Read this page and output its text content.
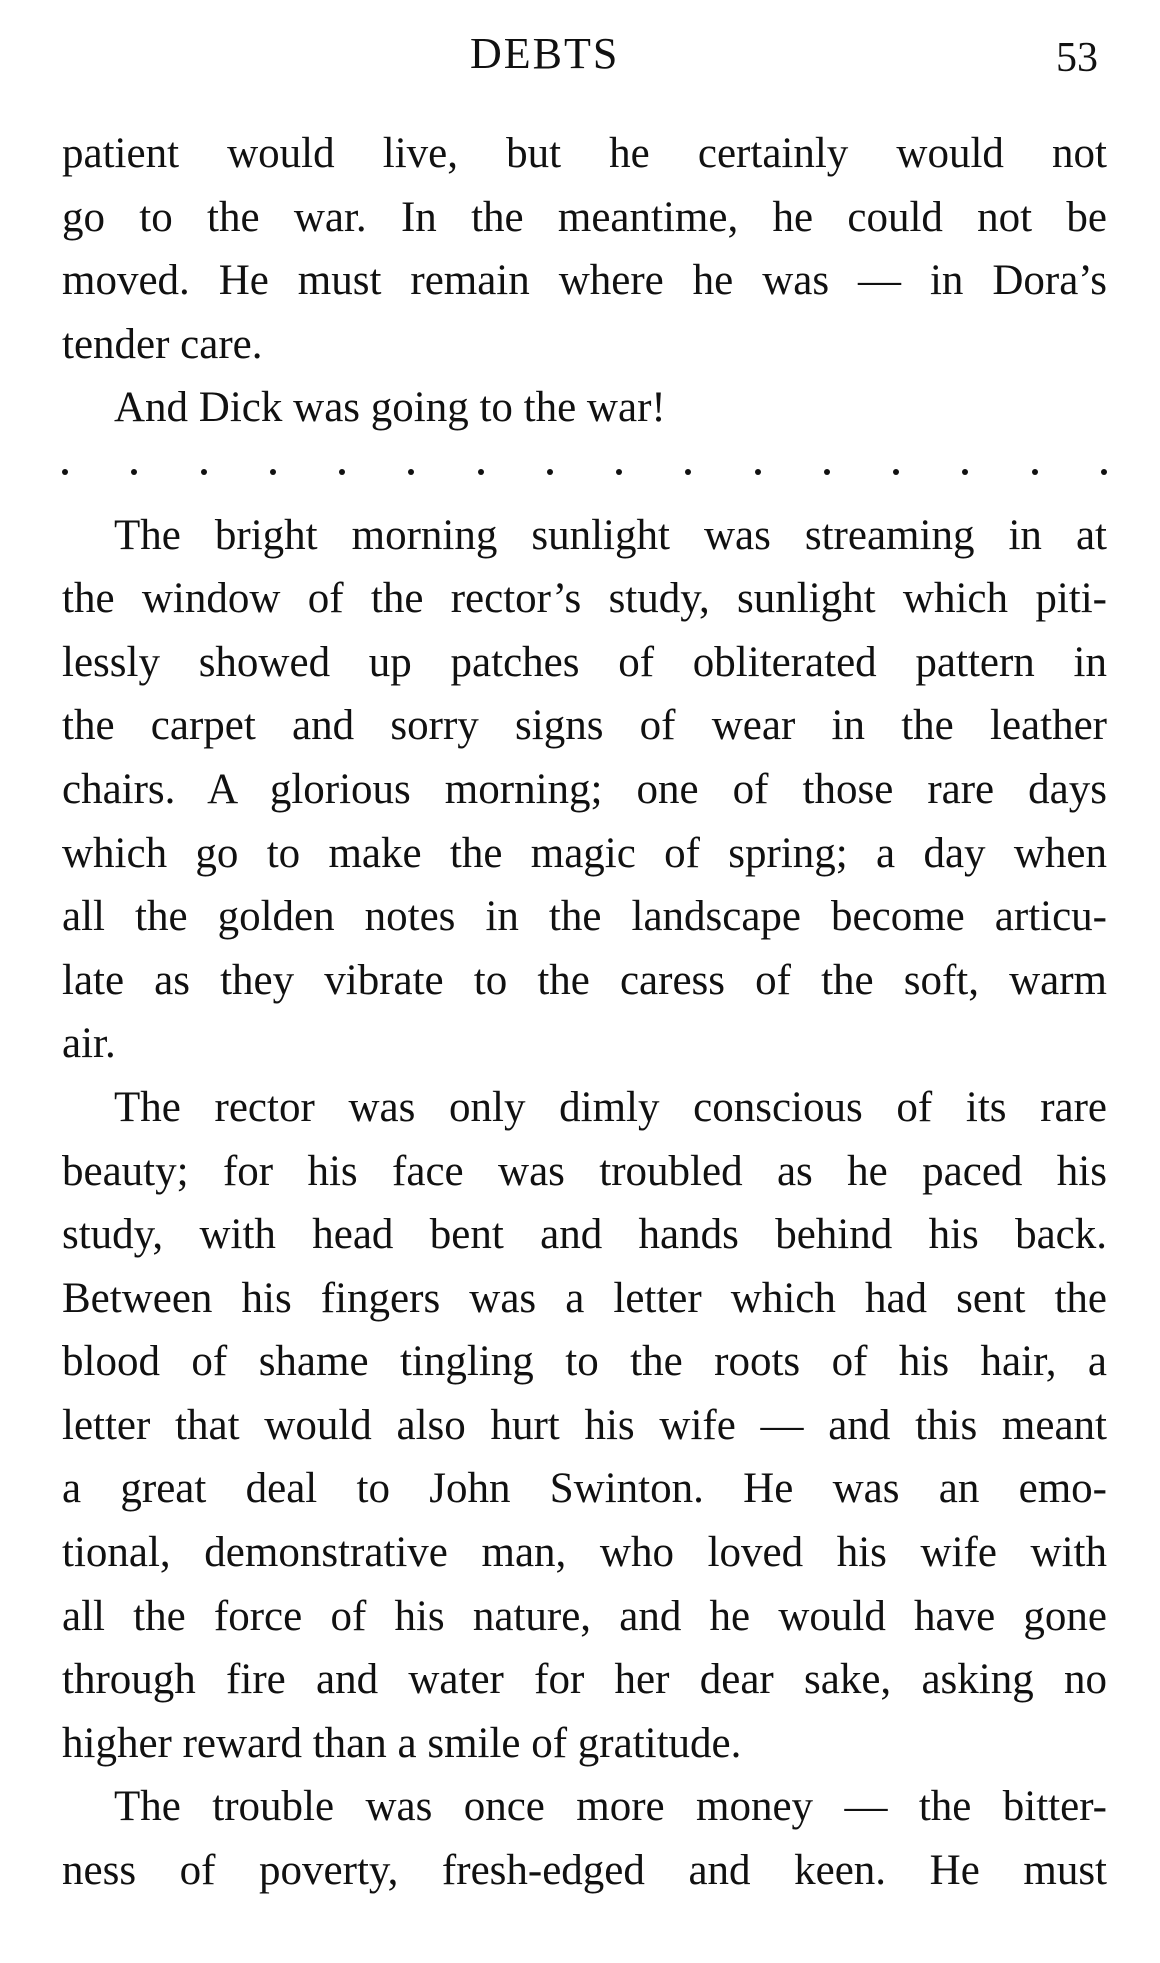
DEBTS	53
patient would live, but he certainly would not
go to the war. In the meantime, he could not be
moved. He must remain where he was — in Dora’s
tender care.
And Dick was going to the war!
The bright morning sunlight was streaming in at
the window of the rector’s study, sunlight which piti-
lessly showed up patches of obliterated pattern in
the carpet and sorry signs of wear in the leather
chairs. A glorious morning; one of those rare days
which go to make the magic of spring; a day when
all the golden notes in the landscape become articu-
late as they vibrate to the caress of the soft, warm
air.
The rector was only dimly conscious of its rare
beauty; for his face was troubled as he paced his
study, with head bent and hands behind his back.
Between his fingers was a letter which had sent the
blood of shame tingling to the roots of his hair, a
letter that would also hurt his wife — and this meant
a great deal to John Swinton. He was an emo-
tional, demonstrative man, who loved his wife with
all the force of his nature, and he would have gone
through fire and water for her dear sake, asking no
higher reward than a smile of gratitude.
The trouble was once more money — the bitter-
ness of poverty, fresh-edged and keen. He must
